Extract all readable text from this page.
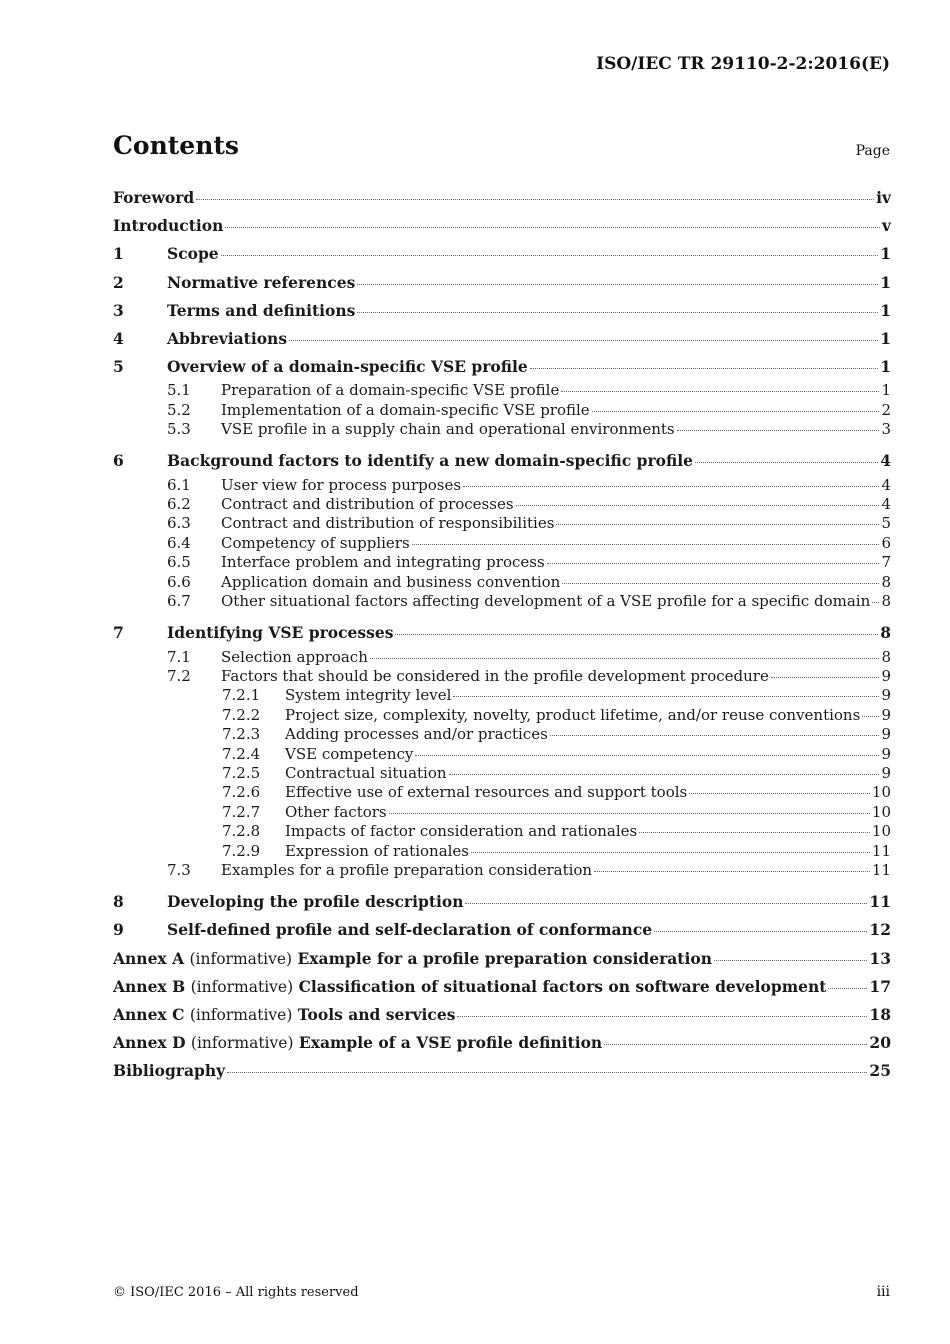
ISO/IEC TR 29110-2-2:2016(E)
Contents	Page
Foreword	iv
Introduction	v
1	Scope	1
2	Normative references	1
3	Terms and definitions	1
4	Abbreviations	1
5	Overview of a domain-specific VSE profile	1
5.1	Preparation of a domain-specific VSE profile	1
5.2	Implementation of a domain-specific VSE profile	2
5.3	VSE profile in a supply chain and operational environments	3
6	Background factors to identify a new domain-specific profile	4
6.1	User view for process purposes	4
6.2	Contract and distribution of processes	4
6.3	Contract and distribution of responsibilities	5
6.4	Competency of suppliers	6
6.5	Interface problem and integrating process	7
6.6	Application domain and business convention	8
6.7	Other situational factors affecting development of a VSE profile for a specific domain 8
7	Identifying VSE processes	8
7.1	Selection approach	8
7.2	Factors that should be considered in the profile development procedure	9
7.2.1	System integrity level	9
7.2.2	Project size, complexity, novelty, product lifetime, and/or reuse conventions 9
7.2.3	Adding processes and/or practices	9
7.2.4	VSE competency	9
7.2.5	Contractual situation	9
7.2.6	Effective use of external resources and support tools	10
7.2.7	Other factors	10
7.2.8	Impacts of factor consideration and rationales	10
7.2.9	Expression of rationales	11
7.3	Examples for a profile preparation consideration	11
8	Developing the profile description	11
9	Self-defined profile and self-declaration of conformance	12
Annex A (informative) Example for a profile preparation consideration	13
Annex B (informative) Classification of situational factors on software development	17
Annex C (informative) Tools and services	18
Annex D (informative) Example of a VSE profile definition	20
Bibliography	25
© ISO/IEC 2016 – All rights reserved	iii
